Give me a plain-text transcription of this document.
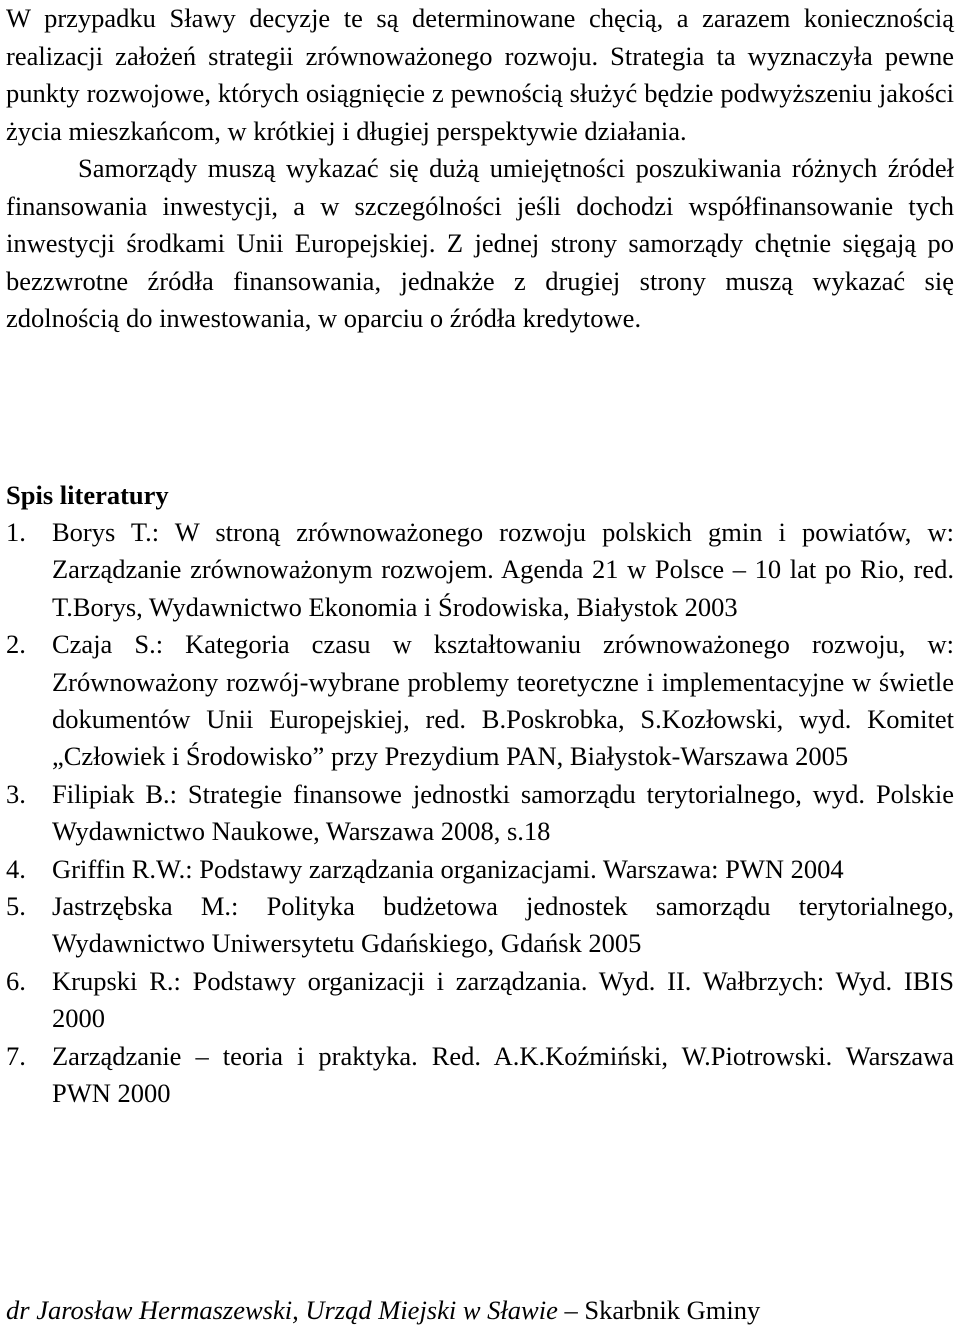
W przypadku Sławy decyzje te są determinowane chęcią, a zarazem koniecznością realizacji założeń strategii zrównoważonego rozwoju. Strategia ta wyznaczyła pewne punkty rozwojowe, których osiągnięcie z pewnością służyć będzie podwyższeniu jakości życia mieszkańcom, w krótkiej i długiej perspektywie działania.

Samorządy muszą wykazać się dużą umiejętności poszukiwania różnych źródeł finansowania inwestycji, a w szczególności jeśli dochodzi współfinansowanie tych inwestycji środkami Unii Europejskiej. Z jednej strony samorządy chętnie sięgają po bezzwrotne źródła finansowania, jednakże z drugiej strony muszą wykazać się zdolnością do inwestowania, w oparciu o źródła kredytowe.

Spis literatury

1. Borys T.: W stroną zrównoważonego rozwoju polskich gmin i powiatów, w: Zarządzanie zrównoważonym rozwojem. Agenda 21 w Polsce – 10 lat po Rio, red. T.Borys, Wydawnictwo Ekonomia i Środowiska, Białystok 2003
2. Czaja S.: Kategoria czasu w kształtowaniu zrównoważonego rozwoju, w: Zrównoważony rozwój-wybrane problemy teoretyczne i implementacyjne w świetle dokumentów Unii Europejskiej, red. B.Poskrobka, S.Kozłowski, wyd. Komitet „Człowiek i Środowisko” przy Prezydium PAN, Białystok-Warszawa 2005
3. Filipiak B.: Strategie finansowe jednostki samorządu terytorialnego, wyd. Polskie Wydawnictwo Naukowe, Warszawa 2008, s.18
4. Griffin R.W.: Podstawy zarządzania organizacjami. Warszawa: PWN 2004
5. Jastrzębska M.: Polityka budżetowa jednostek samorządu terytorialnego, Wydawnictwo Uniwersytetu Gdańskiego, Gdańsk 2005
6. Krupski R.: Podstawy organizacji i zarządzania. Wyd. II. Wałbrzych: Wyd. IBIS 2000
7. Zarządzanie – teoria i praktyka. Red. A.K.Koźmiński, W.Piotrowski. Warszawa PWN 2000

dr Jarosław Hermaszewski, Urząd Miejski w Sławie – Skarbnik Gminy
